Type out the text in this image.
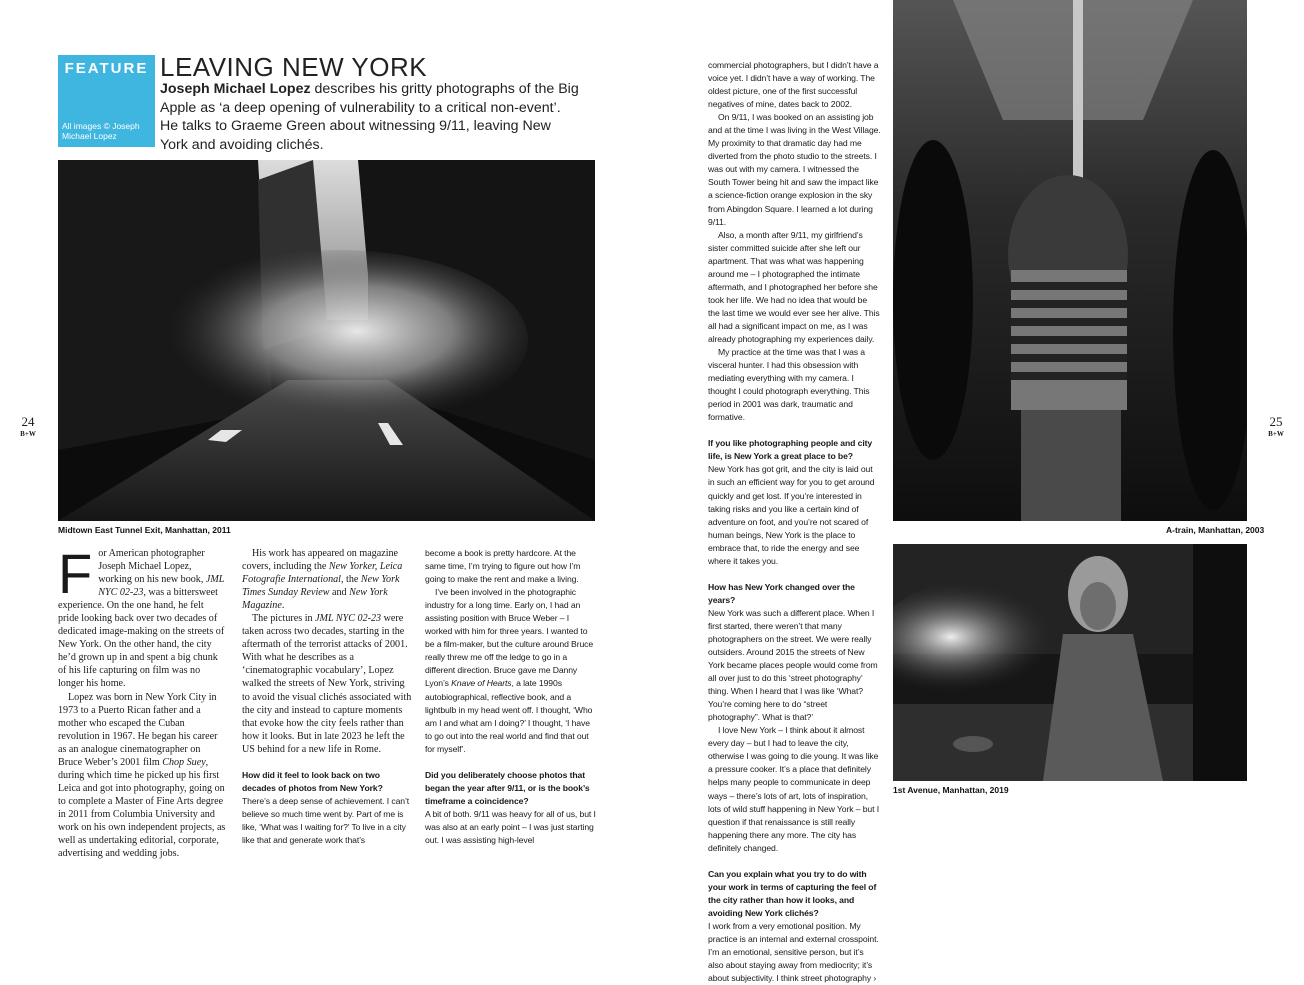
FEATURE
All images © Joseph Michael Lopez
LEAVING NEW YORK
Joseph Michael Lopez describes his gritty photographs of the Big Apple as ‘a deep opening of vulnerability to a critical non-event’. He talks to Graeme Green about witnessing 9/11, leaving New York and avoiding clichés.
Midtown East Tunnel Exit, Manhattan, 2011	A-train, Manhattan, 2003
1st Avenue, Manhattan, 2019
24
B+W
25
B+W

For American photographer Joseph Michael Lopez, working on his new book, JML NYC 02-23, was a bittersweet experience. On the one hand, he felt pride looking back over two decades of dedicated image-making on the streets of New York. On the other hand, the city he’d grown up in and spent a big chunk of his life capturing on film was no longer his home.

Lopez was born in New York City in 1973 to a Puerto Rican father and a mother who escaped the Cuban revolution in 1967. He began his career as an analogue cinematographer on Bruce Weber’s 2001 film Chop Suey, during which time he picked up his first Leica and got into photography, going on to complete a Master of Fine Arts degree in 2011 from Columbia University and work on his own independent projects, as well as undertaking editorial, corporate, advertising and wedding jobs.

His work has appeared on magazine covers, including the New Yorker, Leica Fotografie International, the New York Times Sunday Review and New York Magazine.

The pictures in JML NYC 02-23 were taken across two decades, starting in the aftermath of the terrorist attacks of 2001. With what he describes as a ‘cinematographic vocabulary’, Lopez walked the streets of New York, striving to avoid the visual clichés associated with the city and instead to capture moments that evoke how the city feels rather than how it looks. But in late 2023 he left the US behind for a new life in Rome.

How did it feel to look back on two decades of photos from New York?

There’s a deep sense of achievement. I can’t believe so much time went by. Part of me is like, ‘What was I waiting for?’ To live in a city like that and generate work that’s

become a book is pretty hardcore. At the same time, I’m trying to figure out how I’m going to make the rent and make a living.

I’ve been involved in the photographic industry for a long time. Early on, I had an assisting position with Bruce Weber – I worked with him for three years. I wanted to be a film-maker, but the culture around Bruce really threw me off the ledge to go in a different direction. Bruce gave me Danny Lyon’s Knave of Hearts, a late 1990s autobiographical, reflective book, and a lightbulb in my head went off. I thought, ‘Who am I and what am I doing?’ I thought, ‘I have to go out into the real world and find that out for myself’.

Did you deliberately choose photos that began the year after 9/11, or is the book’s timeframe a coincidence?

A bit of both. 9/11 was heavy for all of us, but I was also at an early point – I was just starting out. I was assisting high-level

commercial photographers, but I didn’t have a voice yet. I didn’t have a way of working. The oldest picture, one of the first successful negatives of mine, dates back to 2002.

On 9/11, I was booked on an assisting job and at the time I was living in the West Village. My proximity to that dramatic day had me diverted from the photo studio to the streets. I was out with my camera. I witnessed the South Tower being hit and saw the impact like a science-fiction orange explosion in the sky from Abingdon Square. I learned a lot during 9/11.

Also, a month after 9/11, my girlfriend’s sister committed suicide after she left our apartment. That was what was happening around me – I photographed the intimate aftermath, and I photographed her before she took her life. We had no idea that would be the last time we would ever see her alive. This all had a significant impact on me, as I was already photographing my experiences daily.

My practice at the time was that I was a visceral hunter. I had this obsession with mediating everything with my camera. I thought I could photograph everything. This period in 2001 was dark, traumatic and formative.

If you like photographing people and city life, is New York a great place to be?

New York has got grit, and the city is laid out in such an efficient way for you to get around quickly and get lost. If you’re interested in taking risks and you like a certain kind of adventure on foot, and you’re not scared of human beings, New York is the place to embrace that, to ride the energy and see where it takes you.

How has New York changed over the years?

New York was such a different place. When I first started, there weren’t that many photographers on the street. We were really outsiders. Around 2015 the streets of New York became places people would come from all over just to do this ‘street photography’ thing. When I heard that I was like ‘What? You’re coming here to do “street photography”. What is that?’

I love New York – I think about it almost every day – but I had to leave the city, otherwise I was going to die young. It was like a pressure cooker. It’s a place that definitely helps many people to communicate in deep ways – there’s lots of art, lots of inspiration, lots of wild stuff happening in New York – but I question if that renaissance is still really happening there any more. The city has definitely changed.

Can you explain what you try to do with your work in terms of capturing the feel of the city rather than how it looks, and avoiding New York clichés?

I work from a very emotional position. My practice is an internal and external crosspoint. I’m an emotional, sensitive person, but it’s also about staying away from mediocrity; it’s about subjectivity. I think street photography ›
